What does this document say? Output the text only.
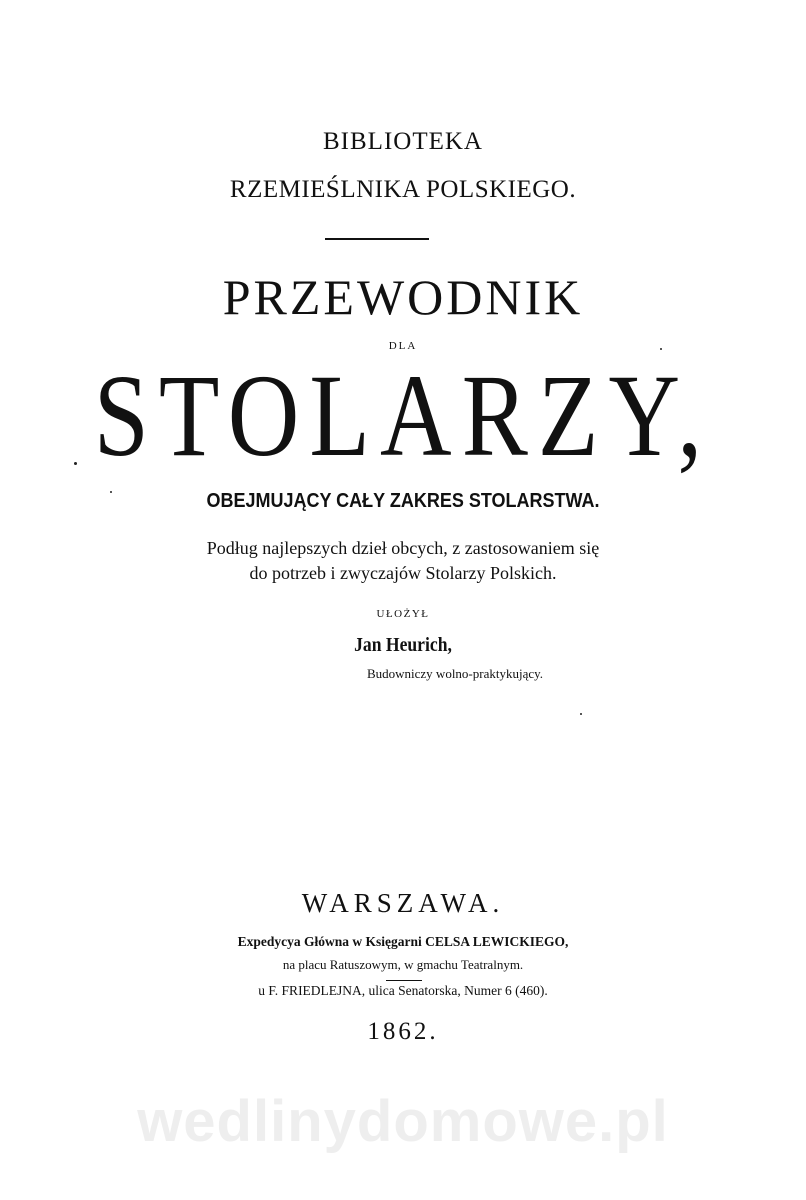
BIBLIOTEKA
RZEMIEŚLNIKA POLSKIEGO.
PRZEWODNIK
DLA
STOLARZY,
OBEJMUJĄCY CAŁY ZAKRES STOLARSTWA.
Podług najlepszych dzieł obcych, z zastosowaniem się
do potrzeb i zwyczajów Stolarzy Polskich.
UŁOŻYŁ
Jan Heurich,
Budowniczy wolno-praktykujący.
WARSZAWA.
Expedycya Główna w Księgarni CELSA LEWICKIEGO,
na placu Ratuszowym, w gmachu Teatralnym.
u F. FRIEDLEJNA, ulica Senatorska, Numer 6 (460).
1862.
wedlinydomowe.pl
